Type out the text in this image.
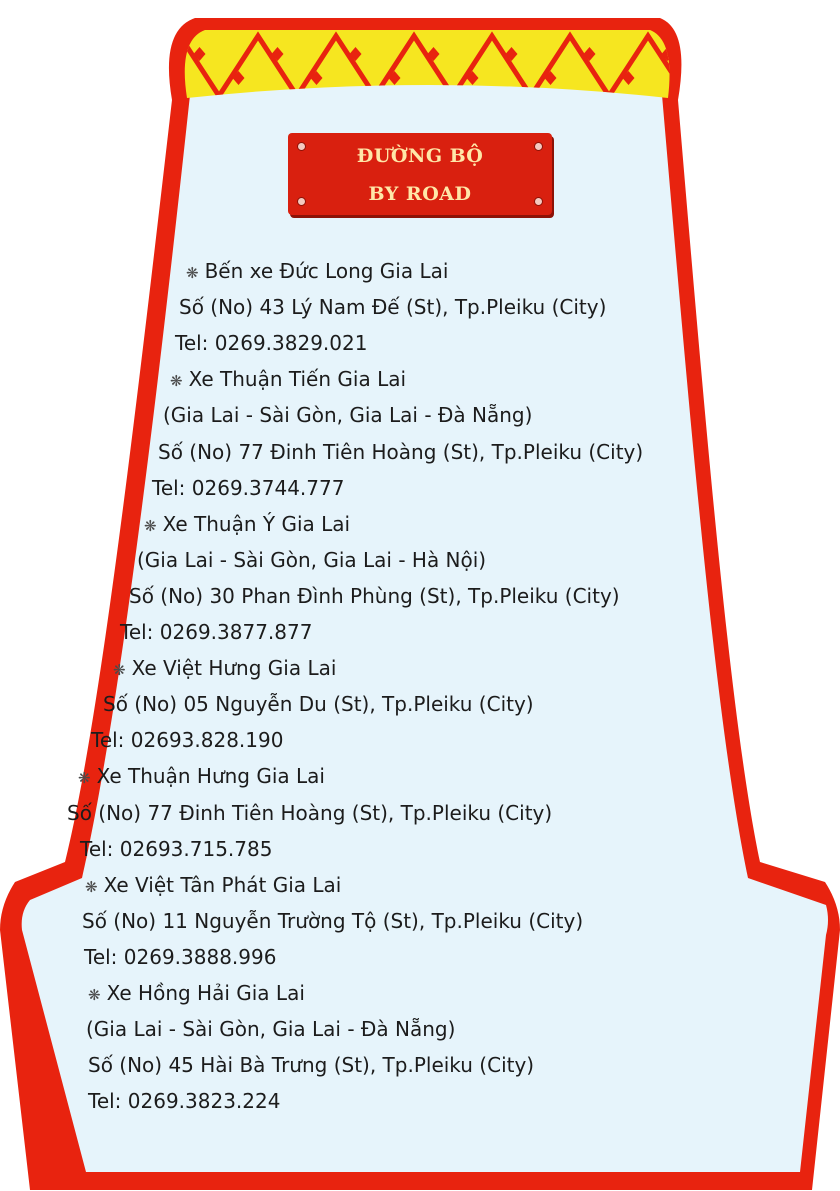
ĐƯỜNG BỘ
BY ROAD
❋ Bến xe Đức Long Gia Lai
Số (No) 43 Lý Nam Đế (St), Tp.Pleiku (City)
Tel: 0269.3829.021
❋ Xe Thuận Tiến Gia Lai
(Gia Lai - Sài Gòn, Gia Lai - Đà Nẵng)
Số (No) 77 Đinh Tiên Hoàng (St), Tp.Pleiku (City)
Tel: 0269.3744.777
❋ Xe Thuận Ý Gia Lai
(Gia Lai - Sài Gòn, Gia Lai - Hà Nội)
Số (No) 30 Phan Đình Phùng (St), Tp.Pleiku (City)
Tel: 0269.3877.877
❋ Xe Việt Hưng Gia Lai
Số (No) 05 Nguyễn Du (St), Tp.Pleiku (City)
Tel: 02693.828.190
❋ Xe Thuận Hưng Gia Lai
Số (No) 77 Đinh Tiên Hoàng (St), Tp.Pleiku (City)
Tel: 02693.715.785
❋ Xe Việt Tân Phát Gia Lai
Số (No) 11 Nguyễn Trường Tộ (St), Tp.Pleiku (City)
Tel: 0269.3888.996
❋ Xe Hồng Hải Gia Lai
(Gia Lai - Sài Gòn, Gia Lai - Đà Nẵng)
Số (No) 45 Hài Bà Trưng (St), Tp.Pleiku (City)
Tel: 0269.3823.224
